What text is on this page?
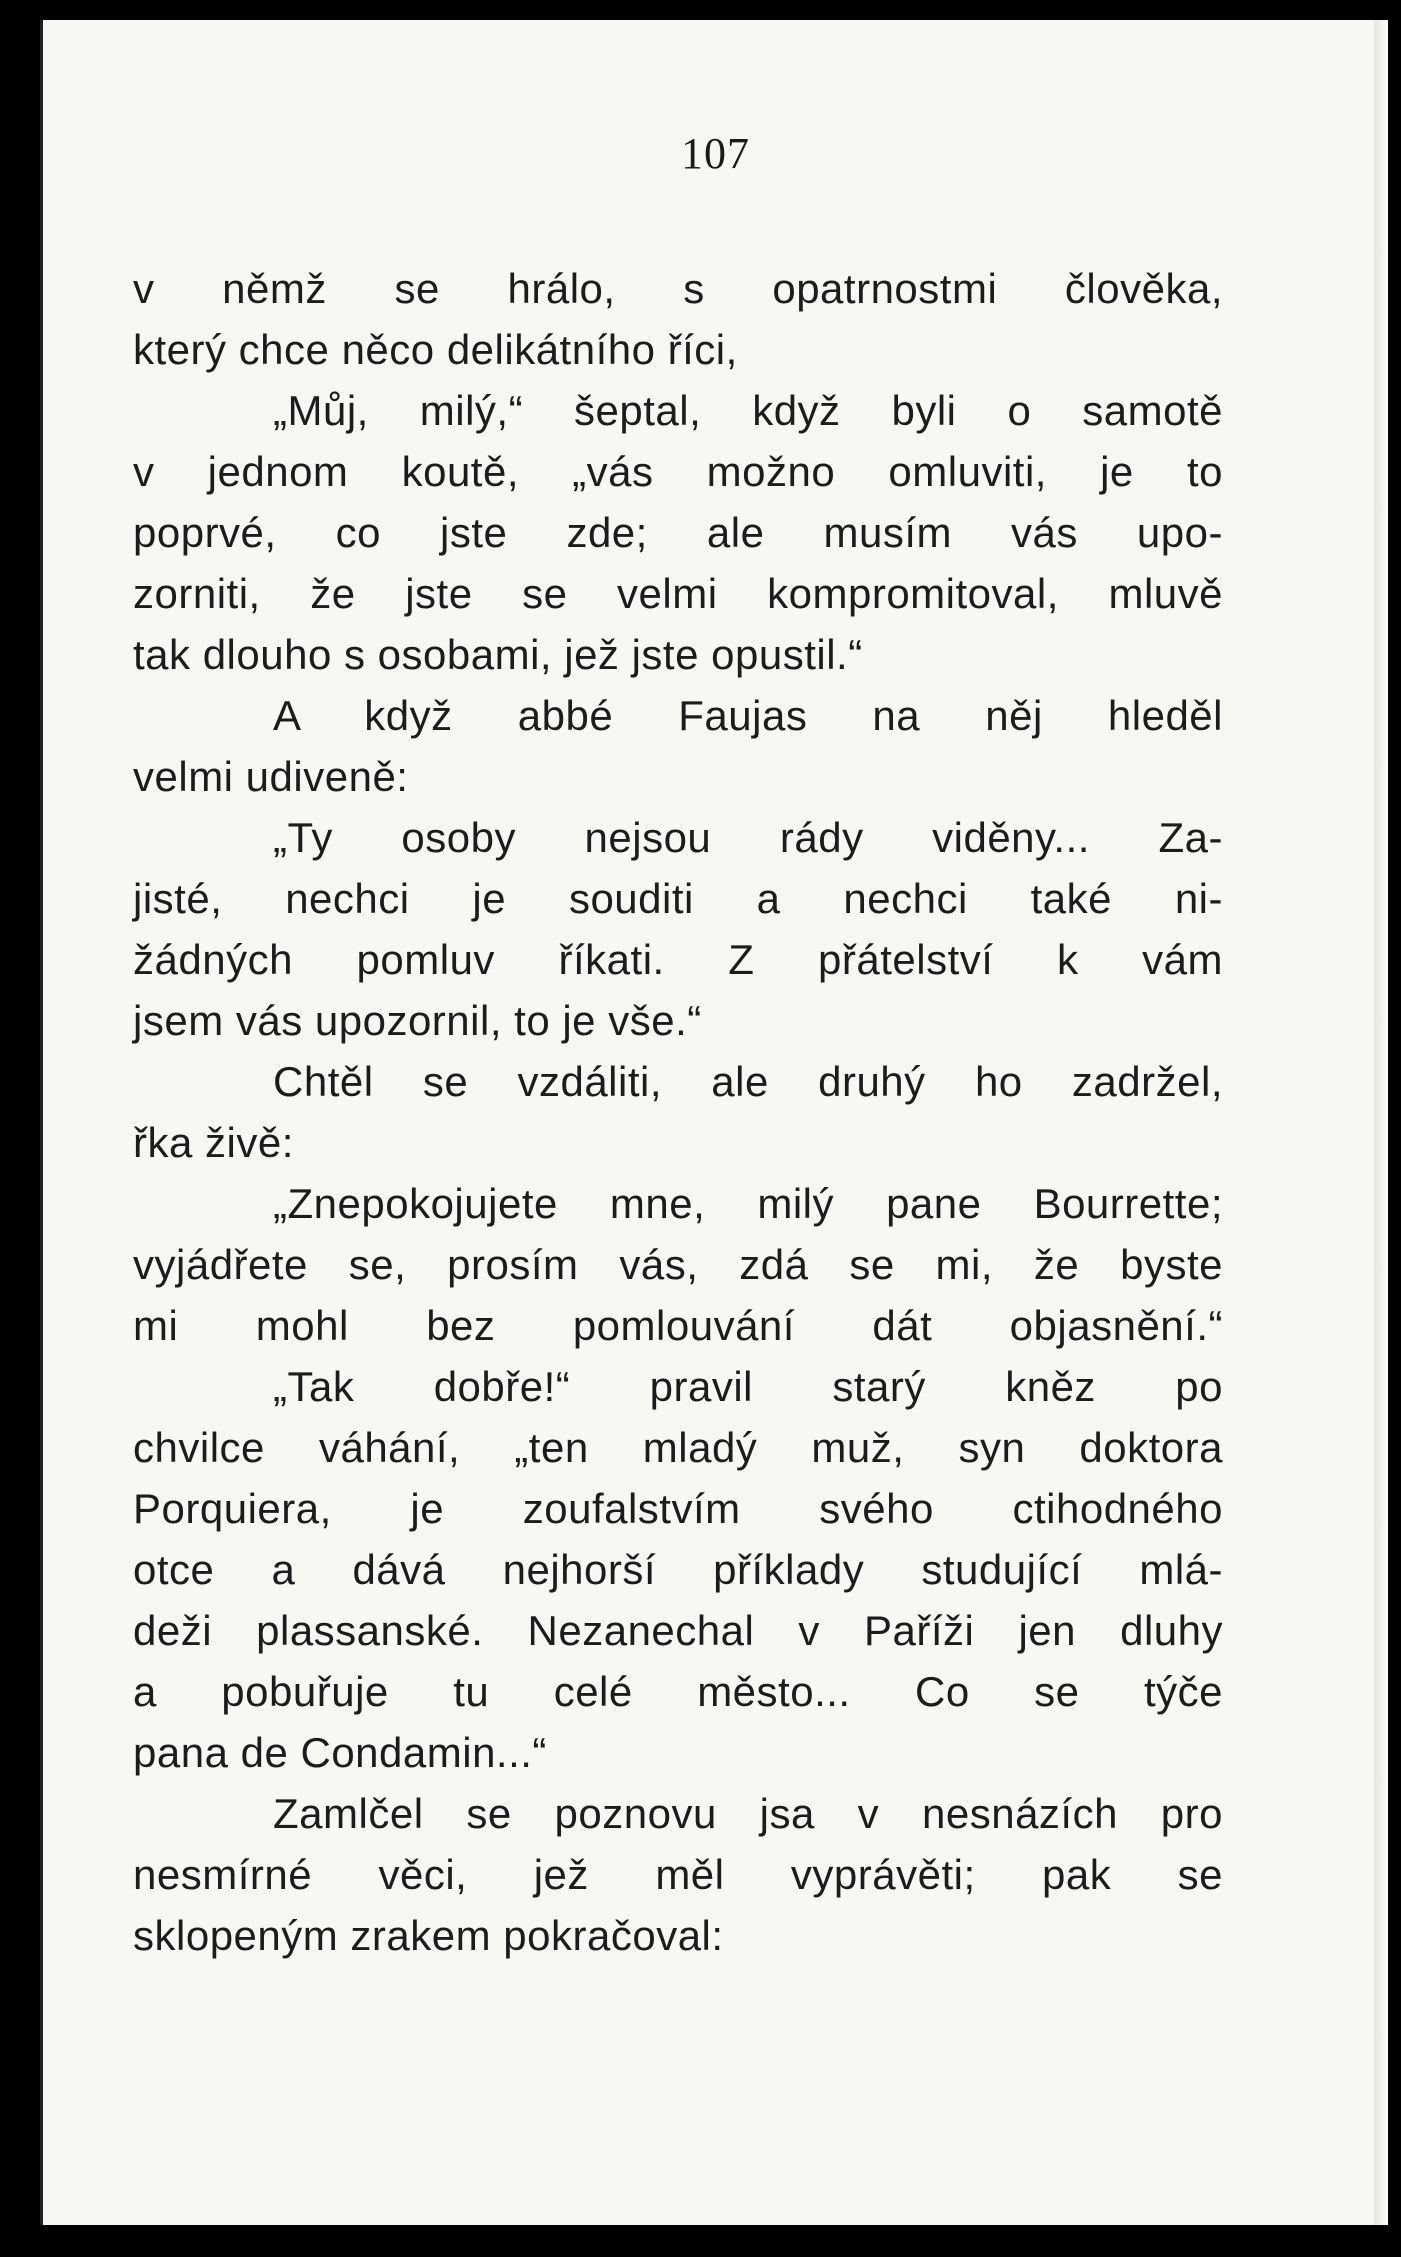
107
v němž se hrálo, s opatrnostmi člověka,
který chce něco delikátního říci,
„Můj, milý,“ šeptal, když byli o samotě
v jednom koutě, „vás možno omluviti, je to
poprvé, co jste zde; ale musím vás upo-
zorniti, že jste se velmi kompromitoval, mluvě
tak dlouho s osobami, jež jste opustil.“
A když abbé Faujas na něj hleděl
velmi udiveně:
„Ty osoby nejsou rády viděny... Za-
jisté, nechci je souditi a nechci také ni-
žádných pomluv říkati. Z přátelství k vám
jsem vás upozornil, to je vše.“
Chtěl se vzdáliti, ale druhý ho zadržel,
řka živě:
„Znepokojujete mne, milý pane Bourrette;
vyjádřete se, prosím vás, zdá se mi, že byste
mi mohl bez pomlouvání dát objasnění.“
„Tak dobře!“ pravil starý kněz po
chvilce váhání, „ten mladý muž, syn doktora
Porquiera, je zoufalstvím svého ctihodného
otce a dává nejhorší příklady studující mlá-
deži plassanské. Nezanechal v Paříži jen dluhy
a pobuřuje tu celé město... Co se týče
pana de Condamin...“
Zamlčel se poznovu jsa v nesnázích pro
nesmírné věci, jež měl vyprávěti; pak se
sklopeným zrakem pokračoval:
